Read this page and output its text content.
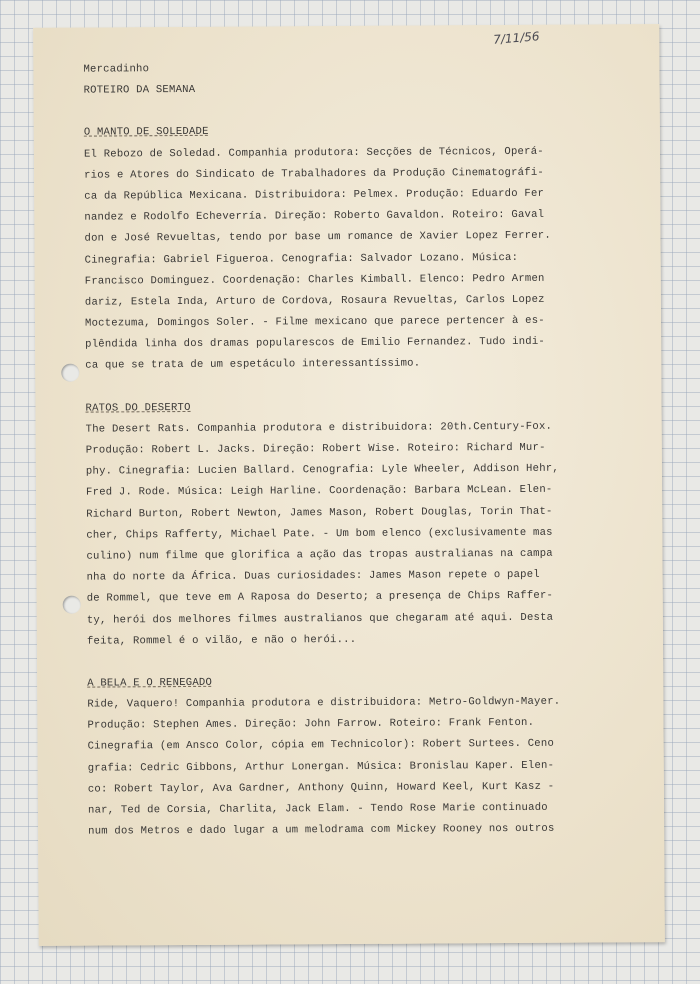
7/11/56
Mercadinho
ROTEIRO DA SEMANA
O MANTO DE SOLEDADE
El Rebozo de Soledad. Companhia produtora: Secções de Técnicos, Operá-
rios e Atores do Sindicato de Trabalhadores da Produção Cinematográfi-
ca da República Mexicana. Distribuidora: Pelmex. Produção: Eduardo Fer
nandez e Rodolfo Echeverría. Direção: Roberto Gavaldon. Roteiro: Gaval
don e José Revueltas, tendo por base um romance de Xavier Lopez Ferrer.
Cinegrafia: Gabriel Figueroa. Cenografia: Salvador Lozano. Música:
Francisco Dominguez. Coordenação: Charles Kimball. Elenco: Pedro Armen
dariz, Estela Inda, Arturo de Cordova, Rosaura Revueltas, Carlos Lopez
Moctezuma, Domingos Soler. - Filme mexicano que parece pertencer à es-
plêndida linha dos dramas popularescos de Emilio Fernandez. Tudo indi-
ca que se trata de um espetáculo interessantíssimo.
RATOS DO DESERTO
The Desert Rats. Companhia produtora e distribuidora: 20th.Century-Fox.
Produção: Robert L. Jacks. Direção: Robert Wise. Roteiro: Richard Mur-
phy. Cinegrafia: Lucien Ballard. Cenografia: Lyle Wheeler, Addison Hehr,
Fred J. Rode. Música: Leigh Harline. Coordenação: Barbara McLean. Elen-
Richard Burton, Robert Newton, James Mason, Robert Douglas, Torin That-
cher, Chips Rafferty, Michael Pate. - Um bom elenco (exclusivamente mas
culino) num filme que glorifica a ação das tropas australianas na campa
nha do norte da África. Duas curiosidades: James Mason repete o papel
de Rommel, que teve em A Raposa do Deserto; a presença de Chips Raffer-
ty, herói dos melhores filmes australianos que chegaram até aqui. Desta
feita, Rommel é o vilão, e não o herói...
A BELA E O RENEGADO
Ride, Vaquero! Companhia produtora e distribuidora: Metro-Goldwyn-Mayer.
Produção: Stephen Ames. Direção: John Farrow. Roteiro: Frank Fenton.
Cinegrafia (em Ansco Color, cópia em Technicolor): Robert Surtees. Ceno
grafia: Cedric Gibbons, Arthur Lonergan. Música: Bronislau Kaper. Elen-
co: Robert Taylor, Ava Gardner, Anthony Quinn, Howard Keel, Kurt Kasz -
nar, Ted de Corsia, Charlita, Jack Elam. - Tendo Rose Marie continuado
num dos Metros e dado lugar a um melodrama com Mickey Rooney nos outros
